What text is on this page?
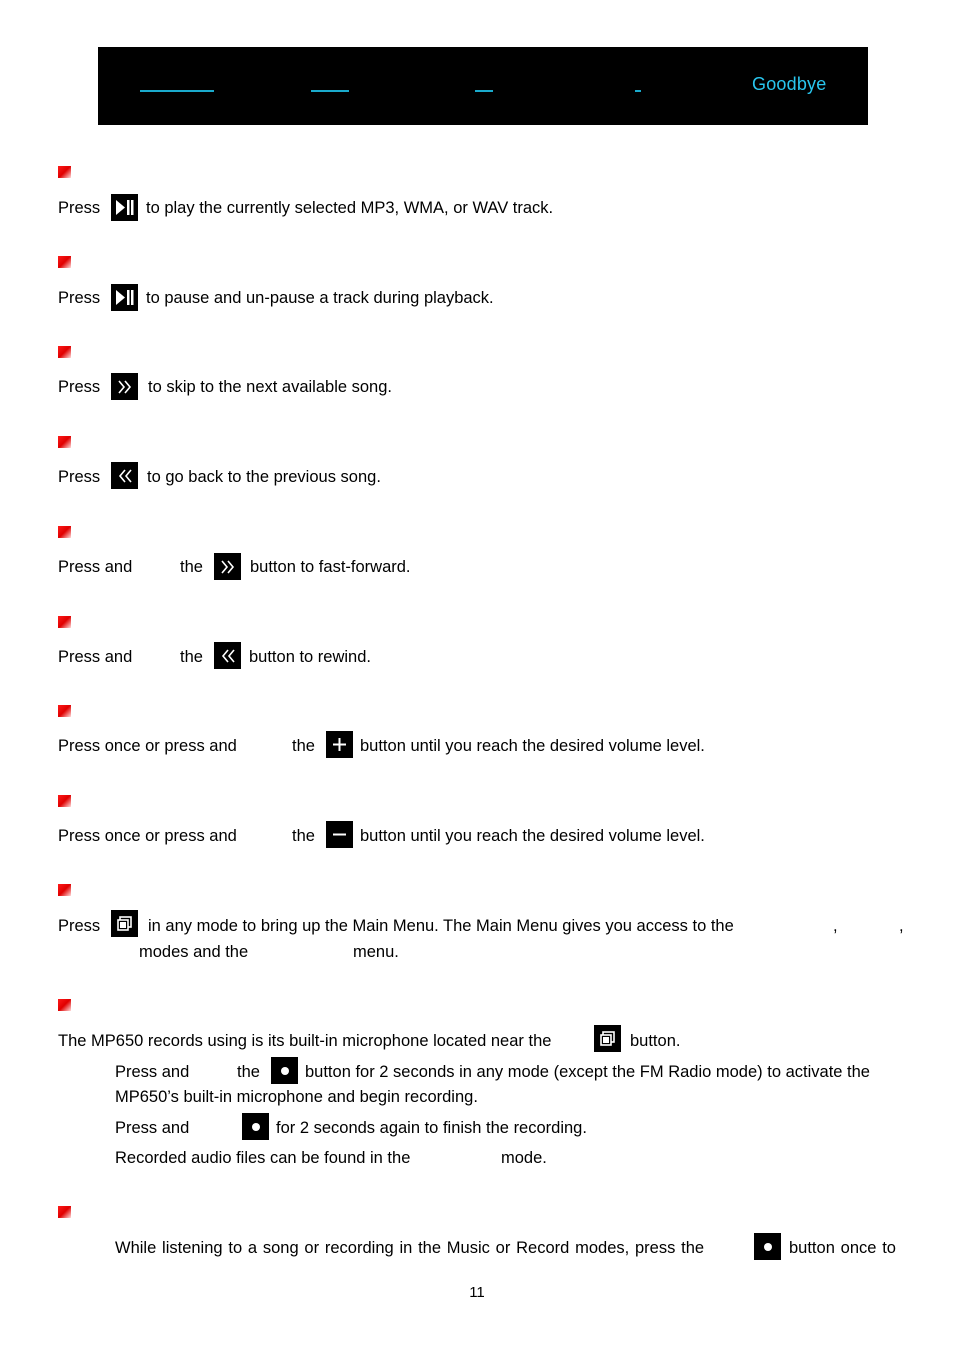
Goodbye
Press	to play the currently selected MP3, WMA, or WAV track.
Press	to pause and un-pause a track during playback.
Press	to skip to the next available song.
Press	to go back to the previous song.
Press and	the	button to fast-forward.
Press and	the	button to rewind.
Press once or press and	the	button until you reach the desired volume level.
Press once or press and	the	button until you reach the desired volume level.
Press	in any mode to bring up the Main Menu. The Main Menu gives you access to the	,	,
modes and the	menu.
The MP650 records using is its built-in microphone located near the	button.
Press and	the	button for 2 seconds in any mode (except the FM Radio mode) to activate the
MP650’s built-in microphone and begin recording.
Press and	for 2 seconds again to finish the recording.
Recorded audio files can be found in the	mode.
While listening to a song or recording in the Music or Record modes, press the	button once to
11
